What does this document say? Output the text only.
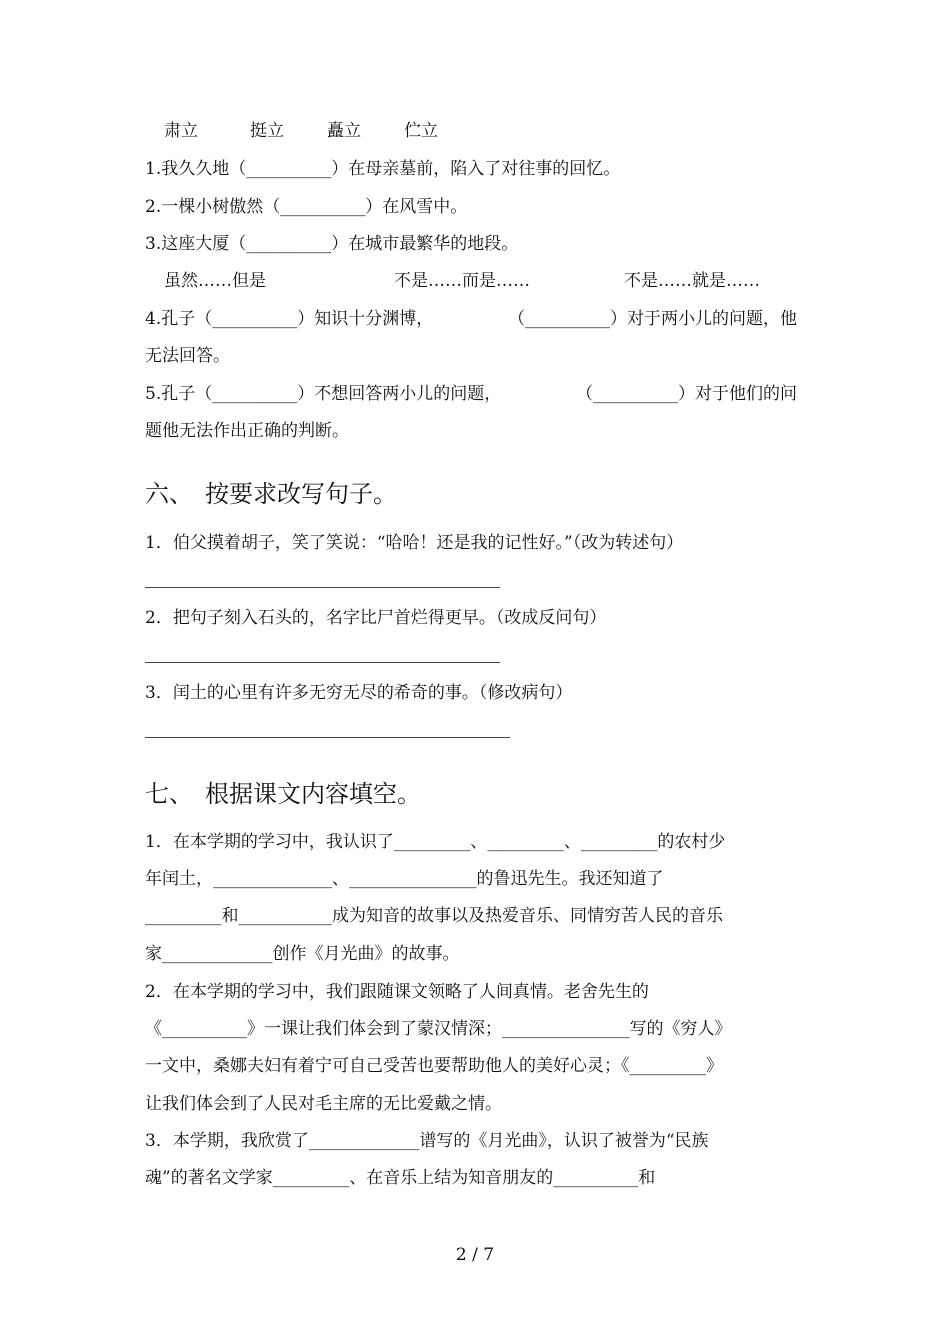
肃立	挺立	矗立	伫立
1.我久久地（__________）在母亲墓前，陷入了对往事的回忆。
2.一棵小树傲然（__________）在风雪中。
3.这座大厦（__________）在城市最繁华的地段。
虽然……但是	不是……而是……	不是……就是……
4.孔子（__________）知识十分渊博，	（__________）对于两小儿的问题，他
无法回答。
5.孔子（__________）不想回答两小儿的问题，	（__________）对于他们的问
题他无法作出正确的判断。
六、　按要求改写句子。
1．伯父摸着胡子，笑了笑说：“哈哈！还是我的记性好。”（改为转述句）
2．把句子刻入石头的，名字比尸首烂得更早。（改成反问句）
3．闰土的心里有许多无穷无尽的希奇的事。（修改病句）
七、　根据课文内容填空。
1．在本学期的学习中，我认识了_________、_________、_________的农村少
年闰土，______________、_______________的鲁迅先生。我还知道了
_________和___________成为知音的故事以及热爱音乐、同情穷苦人民的音乐
家_____________创作《月光曲》的故事。
2．在本学期的学习中，我们跟随课文领略了人间真情。老舍先生的
《__________》一课让我们体会到了蒙汉情深；_______________写的《穷人》
一文中，桑娜夫妇有着宁可自己受苦也要帮助他人的美好心灵；《_________》
让我们体会到了人民对毛主席的无比爱戴之情。
3．本学期，我欣赏了_____________谱写的《月光曲》，认识了被誉为“民族
魂”的著名文学家_________、在音乐上结为知音朋友的__________和
2 / 7
